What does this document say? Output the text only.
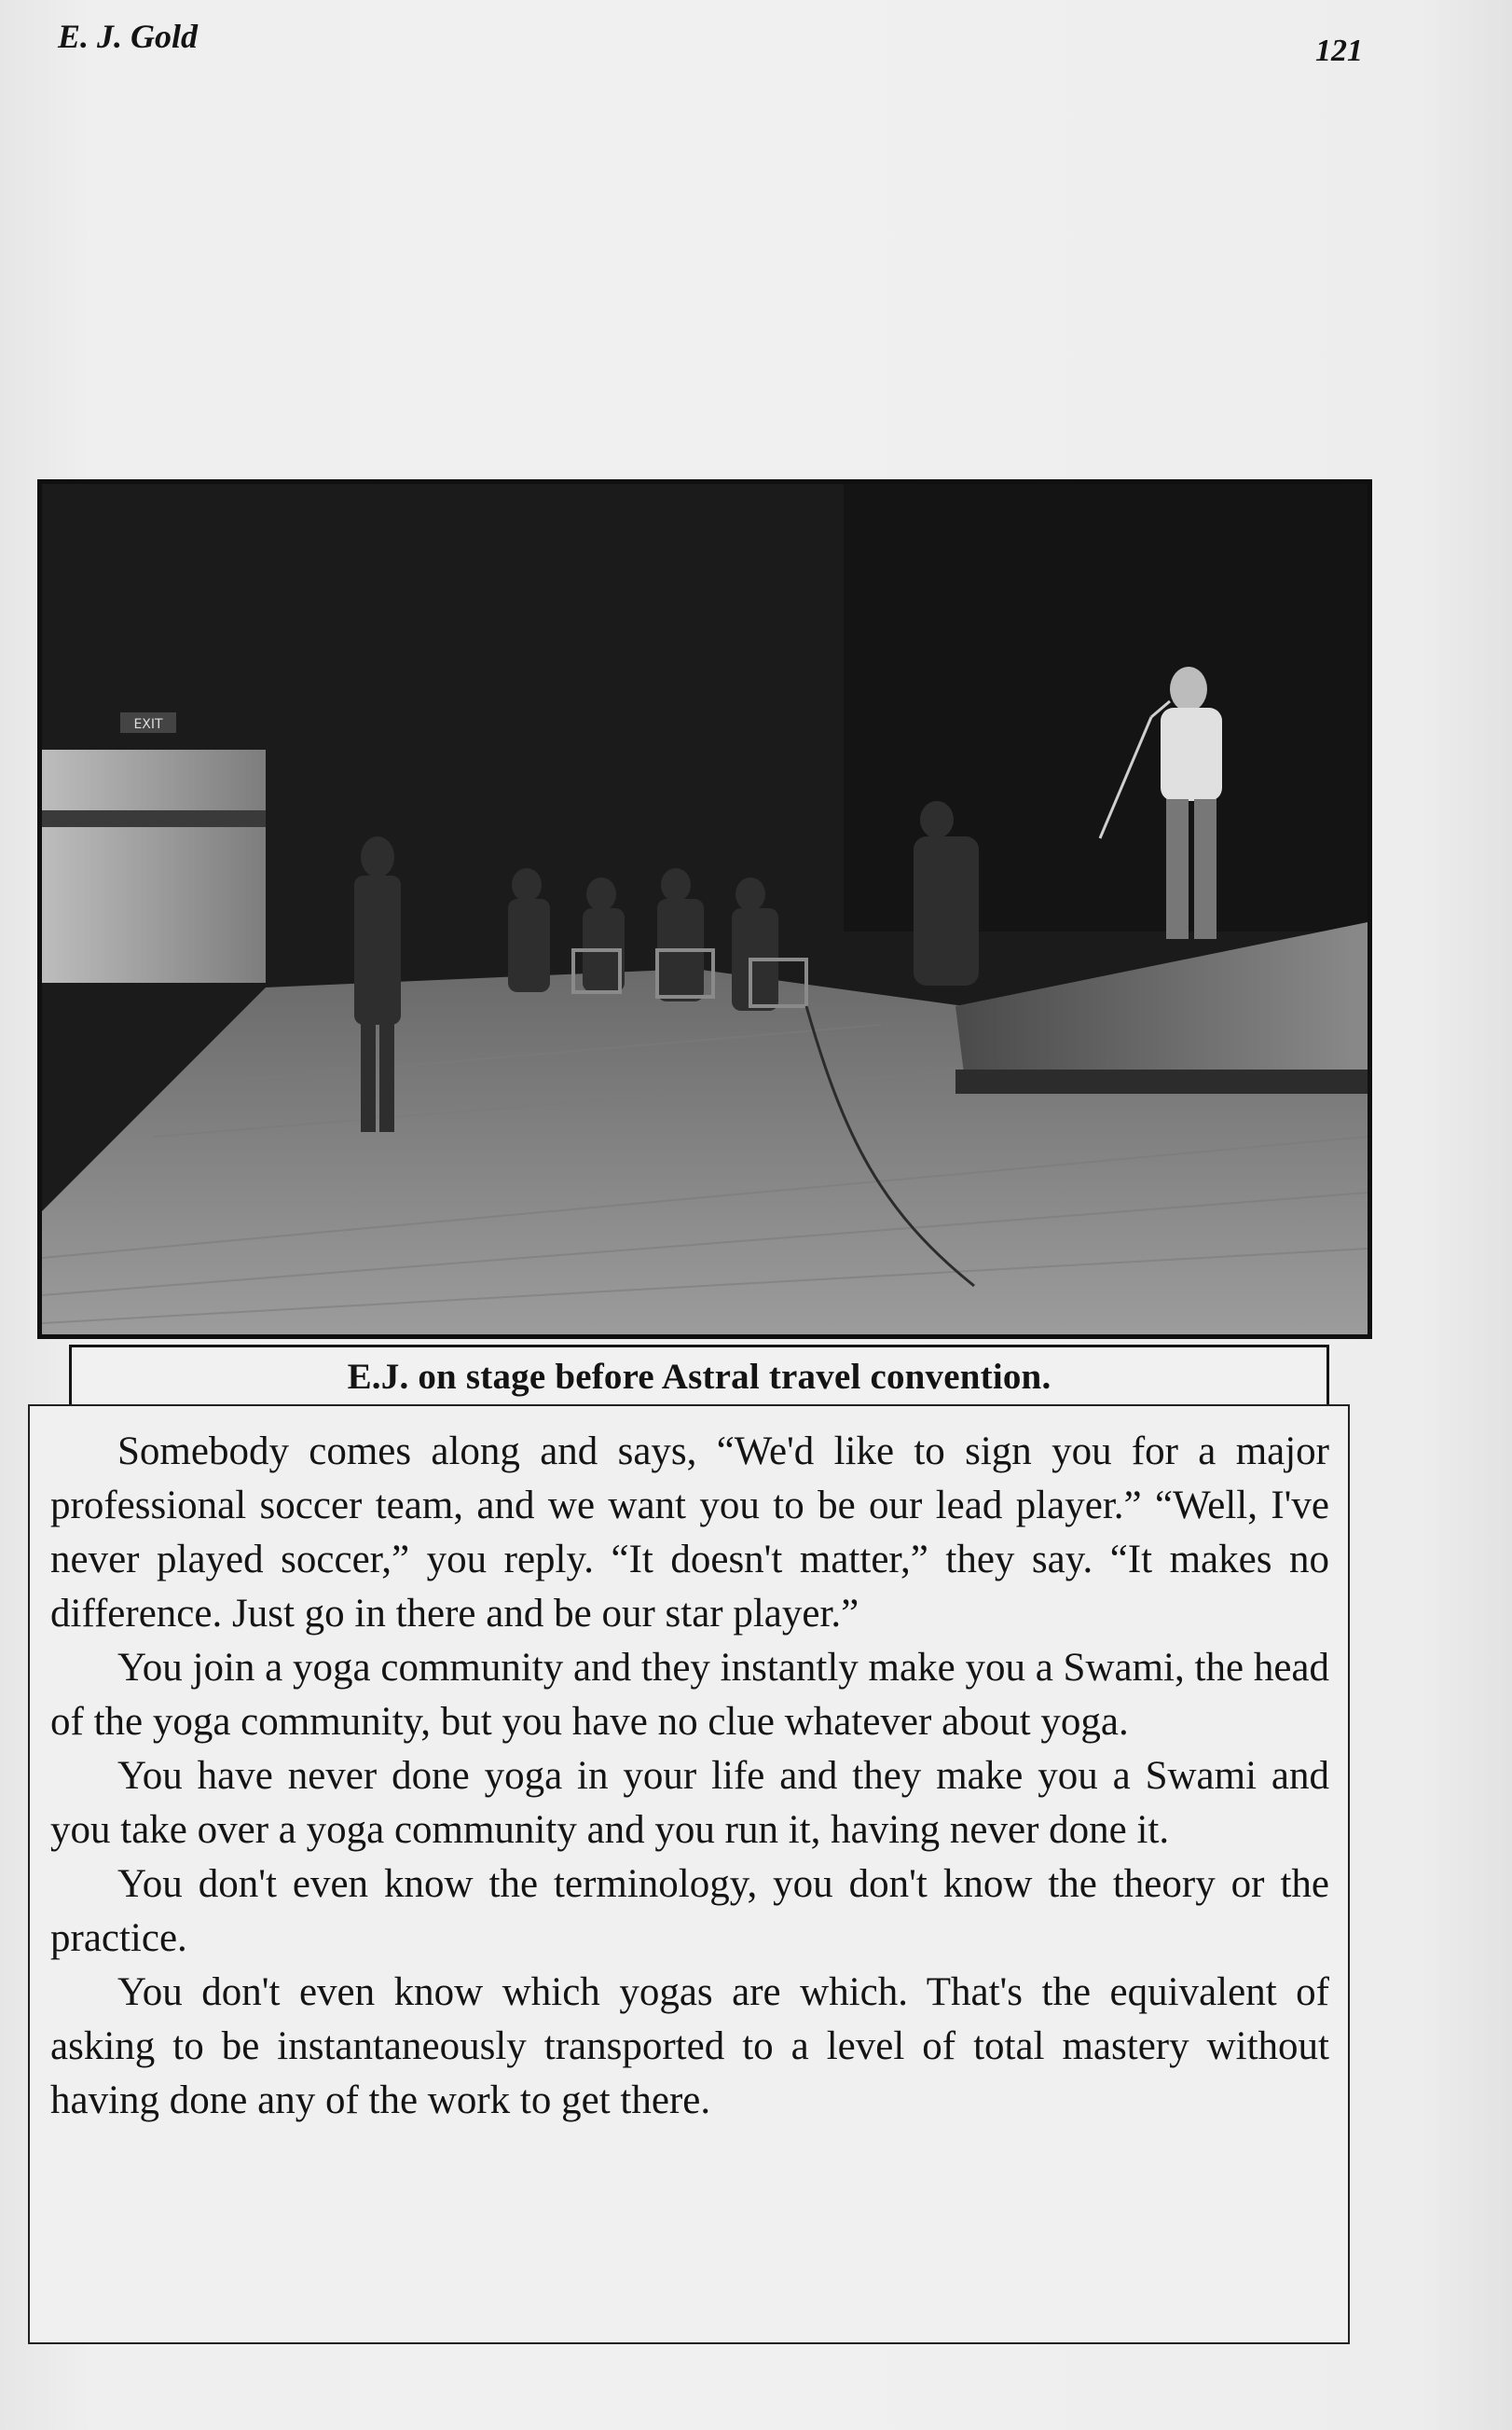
E. J. Gold	121
EXIT
E.J. on stage before Astral travel convention.

Somebody comes along and says, “We'd like to sign you for a major professional soccer team, and we want you to be our lead player.” “Well, I've never played soccer,” you reply. “It doesn't matter,” they say. “It makes no difference. Just go in there and be our star player.”

You join a yoga community and they instantly make you a Swami, the head of the yoga community, but you have no clue whatever about yoga.

You have never done yoga in your life and they make you a Swami and you take over a yoga community and you run it, having never done it.

You don't even know the terminology, you don't know the theory or the practice.

You don't even know which yogas are which. That's the equivalent of asking to be instantaneously transported to a level of total mastery without having done any of the work to get there.
